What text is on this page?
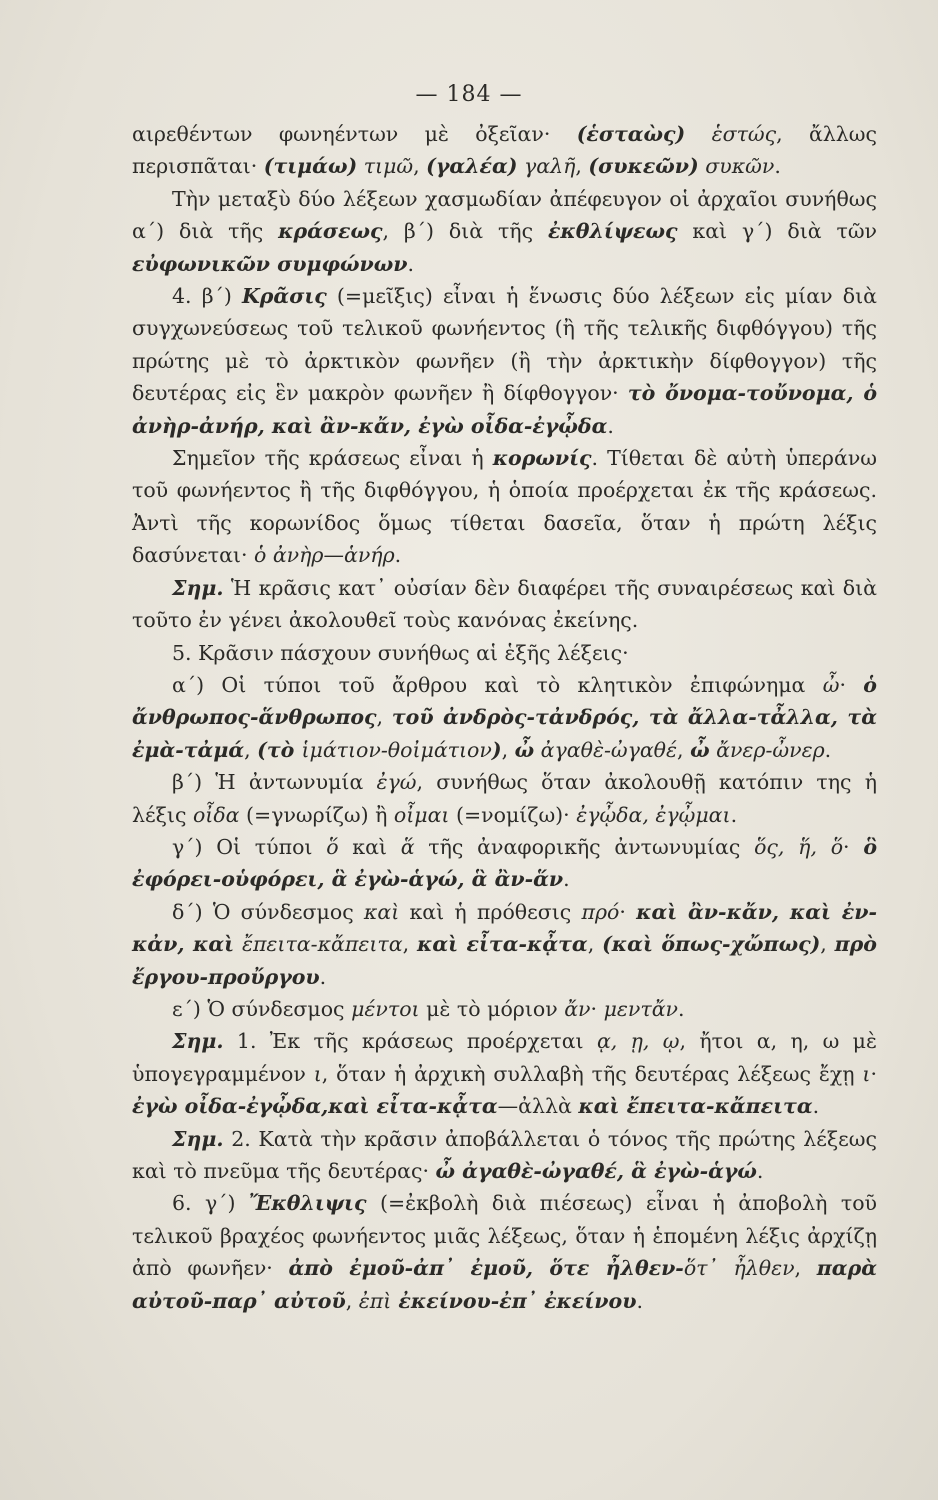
— 184 —

αιρεθέντων φωνηέντων μὲ ὀξεῖαν· (ἑσταὼς) ἑστώς, ἄλλως περισπᾶται· (τιμάω) τιμῶ, (γαλέα) γαλῆ, (συκεῶν) συκῶν.

Τὴν μεταξὺ δύο λέξεων χασμωδίαν ἀπέφευγον οἱ ἀρχαῖοι συνήθως α΄) διὰ τῆς κράσεως, β΄) διὰ τῆς ἐκθλίψεως καὶ γ΄) διὰ τῶν εὐφωνικῶν συμφώνων.

4. β΄) Κρᾶσις (=μεῖξις) εἶναι ἡ ἕνωσις δύο λέξεων εἰς μίαν διὰ συγχωνεύσεως τοῦ τελικοῦ φωνήεντος (ἢ τῆς τελικῆς διφθόγγου) τῆς πρώτης μὲ τὸ ἀρκτικὸν φωνῆεν (ἢ τὴν ἀρκτικὴν δίφθογγον) τῆς δευτέρας εἰς ἓν μακρὸν φωνῆεν ἢ δίφθογγον· τὸ ὄνομα-τοὔνομα, ὁ ἀνὴρ-ἀνήρ, καὶ ἂν-κἄν, ἐγὼ οἶδα-ἐγᾦδα.

Σημεῖον τῆς κράσεως εἶναι ἡ κορωνίς. Τίθεται δὲ αὐτὴ ὑπεράνω τοῦ φωνήεντος ἢ τῆς διφθόγγου, ἡ ὁποία προέρχεται ἐκ τῆς κράσεως. Ἀντὶ τῆς κορωνίδος ὅμως τίθεται δασεῖα, ὅταν ἡ πρώτη λέξις δασύνεται· ὁ ἀνὴρ—ἁνήρ.

Σημ. Ἡ κρᾶσις κατ᾽ οὐσίαν δὲν διαφέρει τῆς συναιρέσεως καὶ διὰ τοῦτο ἐν γένει ἀκολουθεῖ τοὺς κανόνας ἐκείνης.

5. Κρᾶσιν πάσχουν συνήθως αἱ ἑξῆς λέξεις·

α΄) Οἱ τύποι τοῦ ἄρθρου καὶ τὸ κλητικὸν ἐπιφώνημα ὦ· ὁ ἄνθρωπος-ἅνθρωπος, τοῦ ἀνδρὸς-τἀνδρός, τὰ ἄλλα-τἆλλα, τὰ ἐμὰ-τἀμά, (τὸ ἱμάτιον-θοἰμάτιον), ὦ ἀγαθὲ-ὠγαθέ, ὦ ἄνερ-ὦνερ.

β΄) Ἡ ἀντωνυμία ἐγώ, συνήθως ὅταν ἀκολουθῇ κατόπιν της ἡ λέξις οἶδα (=γνωρίζω) ἢ οἶμαι (=νομίζω)· ἐγᾦδα, ἐγᾦμαι.

γ΄) Οἱ τύποι ὅ καὶ ἅ τῆς ἀναφορικῆς ἀντωνυμίας ὅς, ἥ, ὅ· ὃ ἐφόρει-οὑφόρει, ἃ ἐγὼ-ἁγώ, ἃ ἂν-ἅν.

δ΄) Ὁ σύνδεσμος καὶ καὶ ἡ πρόθεσις πρό· καὶ ἂν-κἄν, καὶ ἐν-κἀν, καὶ ἔπειτα-κἄπειτα, καὶ εἶτα-κᾆτα, (καὶ ὅπως-χὤπως), πρὸ ἔργου-προὔργου.

ε΄) Ὁ σύνδεσμος μέντοι μὲ τὸ μόριον ἄν· μεντἄν.

Σημ. 1. Ἐκ τῆς κράσεως προέρχεται ᾳ, ῃ, ῳ, ἤτοι α, η, ω μὲ ὑπογεγραμμένον ι, ὅταν ἡ ἀρχικὴ συλλαβὴ τῆς δευτέρας λέξεως ἔχῃ ι· ἐγὼ οἶδα-ἐγᾦδα,καὶ εἶτα-κᾆτα—ἀλλὰ καὶ ἔπειτα-κἄπειτα.

Σημ. 2. Κατὰ τὴν κρᾶσιν ἀποβάλλεται ὁ τόνος τῆς πρώτης λέξεως καὶ τὸ πνεῦμα τῆς δευτέρας· ὦ ἀγαθὲ-ὠγαθέ, ἃ ἐγὼ-ἁγώ.

6. γ΄) Ἔκθλιψις (=ἐκβολὴ διὰ πιέσεως) εἶναι ἡ ἀποβολὴ τοῦ τελικοῦ βραχέος φωνήεντος μιᾶς λέξεως, ὅταν ἡ ἑπομένη λέξις ἀρχίζῃ ἀπὸ φωνῆεν· ἀπὸ ἐμοῦ-ἀπ᾽ ἐμοῦ, ὅτε ἦλθεν-ὅτ᾽ ἦλθεν, παρὰ αὐτοῦ-παρ᾽ αὐτοῦ, ἐπὶ ἐκείνου-ἐπ᾽ ἐκείνου.
